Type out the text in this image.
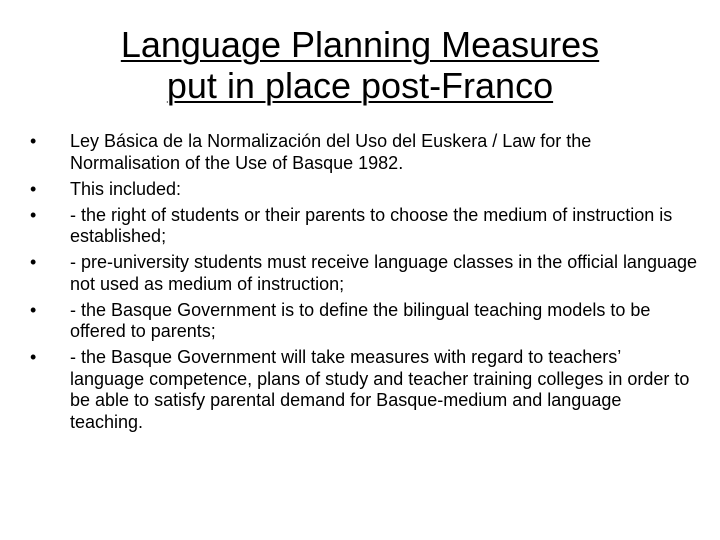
Language Planning Measures
put in place post-Franco
•	Ley Básica de la Normalización del Uso del Euskera / Law for the Normalisation of the Use of Basque 1982.
•	This included:
•	- the right of students or their parents to choose the medium of instruction is established;
•	- pre-university students must receive language classes in the official language not used as medium of instruction;
•	- the Basque Government is to define the bilingual teaching models to be offered to parents;
•	- the Basque Government will take measures with regard to teachers’ language competence, plans of study and teacher training colleges in order to be able to satisfy parental demand for Basque-medium and language teaching.
